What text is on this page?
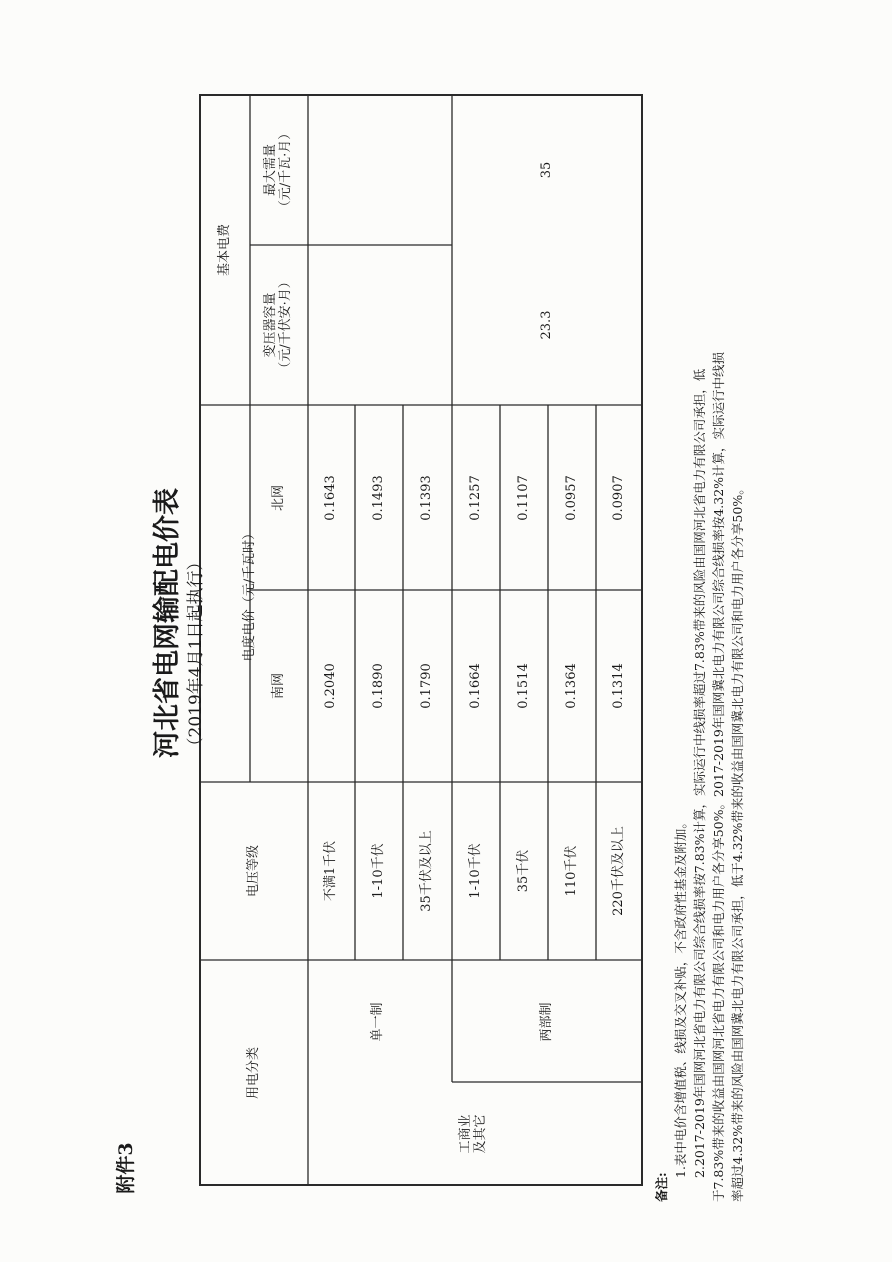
附件3
河北省电网输配电价表 （2019年4月1日起执行）
用电分类
电压等级
电度电价（元/千瓦时）
南网
北网
基本电费
变压器容量 （元/千伏安·月）
最大需量 （元/千瓦·月）
工商业 及其它
单一制	两部制
不满1千伏
0.2040
0.1643
1-10千伏
0.1890
0.1493
35千伏及以上
0.1790
0.1393
1-10千伏
0.1664
0.1257
35千伏
0.1514
0.1107
110千伏
0.1364
0.0957
220千伏及以上
0.1314
0.0907
23.3
35
备注:
1.表中电价含增值税、线损及交叉补贴，不含政府性基金及附加。 2.2017-2019年国网河北省电力有限公司综合线损率按7.83%计算，实际运行中线损率超过7.83%带来的风险由国网河北省电力有限公司承担，低 于7.83%带来的收益由国网河北省电力有限公司和电力用户各分享50%。2017-2019年国网冀北电力有限公司综合线损率按4.32%计算，实际运行中线损 率超过4.32%带来的风险由国网冀北电力有限公司承担，低于4.32%带来的收益由国网冀北电力有限公司和电力用户各分享50%。
